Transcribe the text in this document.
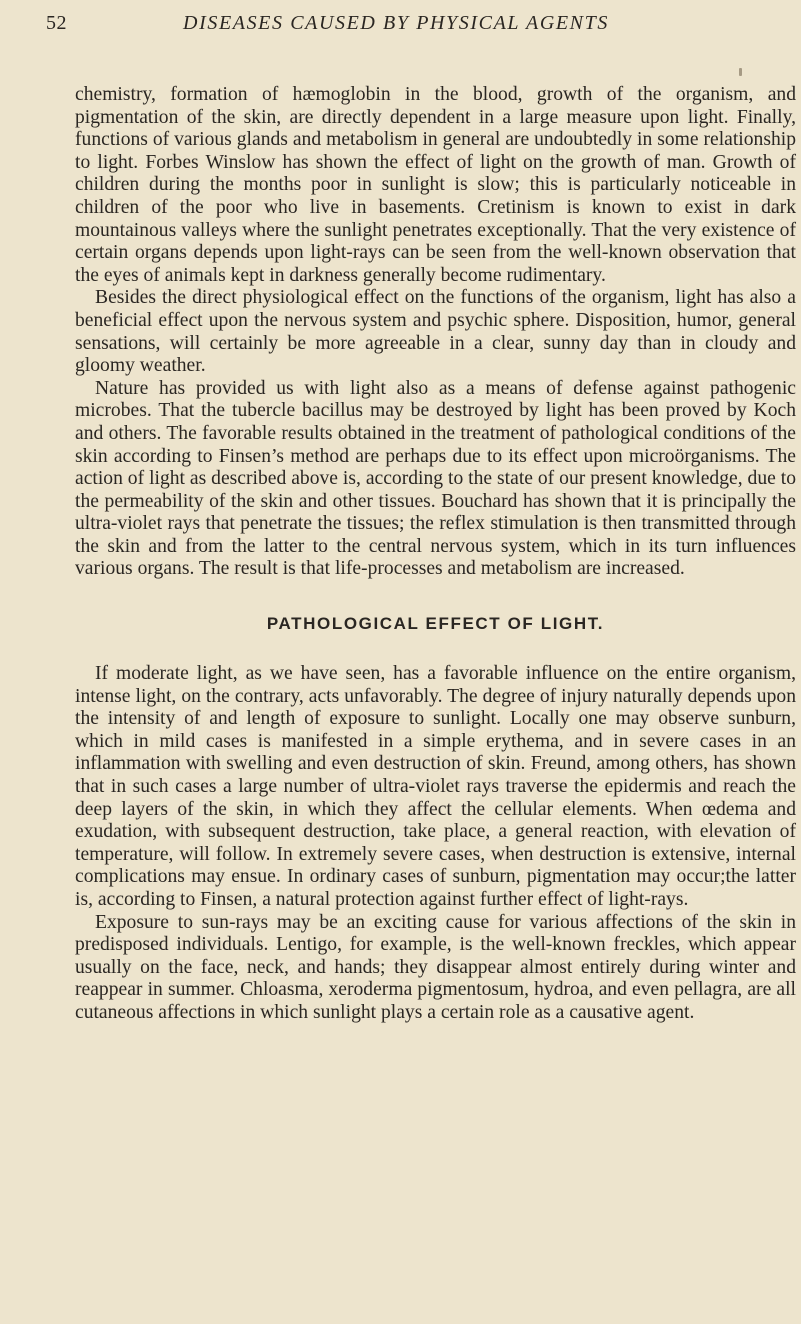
52	DISEASES CAUSED BY PHYSICAL AGENTS

chemistry, formation of hæmoglobin in the blood, growth of the organism, and pigmentation of the skin, are directly dependent in a large measure upon light. Finally, functions of various glands and metabolism in general are undoubtedly in some relationship to light. Forbes Winslow has shown the effect of light on the growth of man. Growth of children during the months poor in sunlight is slow; this is particularly noticeable in children of the poor who live in basements. Cretinism is known to exist in dark mountainous valleys where the sunlight penetrates exceptionally. That the very existence of certain organs depends upon light-rays can be seen from the well-known observation that the eyes of animals kept in darkness generally become rudimentary.

Besides the direct physiological effect on the functions of the organism, light has also a beneficial effect upon the nervous system and psychic sphere. Disposition, humor, general sensations, will certainly be more agreeable in a clear, sunny day than in cloudy and gloomy weather.

Nature has provided us with light also as a means of defense against pathogenic microbes. That the tubercle bacillus may be destroyed by light has been proved by Koch and others. The favorable results obtained in the treatment of pathological conditions of the skin according to Finsen’s method are perhaps due to its effect upon microörganisms. The action of light as described above is, according to the state of our present knowledge, due to the permeability of the skin and other tissues. Bouchard has shown that it is principally the ultra-violet rays that penetrate the tissues; the reflex stimulation is then transmitted through the skin and from the latter to the central nervous system, which in its turn influences various organs. The result is that life-processes and metabolism are increased.

PATHOLOGICAL EFFECT OF LIGHT.

If moderate light, as we have seen, has a favorable influence on the entire organism, intense light, on the contrary, acts unfavorably. The degree of injury naturally depends upon the intensity of and length of exposure to sunlight. Locally one may observe sunburn, which in mild cases is manifested in a simple erythema, and in severe cases in an inflammation with swelling and even destruction of skin. Freund, among others, has shown that in such cases a large number of ultra-violet rays traverse the epidermis and reach the deep layers of the skin, in which they affect the cellular elements. When œdema and exudation, with subsequent destruction, take place, a general reaction, with elevation of temperature, will follow. In extremely severe cases, when destruction is extensive, internal complications may ensue. In ordinary cases of sunburn, pigmentation may occur;the latter is, according to Finsen, a natural protection against further effect of light-rays.

Exposure to sun-rays may be an exciting cause for various affections of the skin in predisposed individuals. Lentigo, for example, is the well-known freckles, which appear usually on the face, neck, and hands; they disappear almost entirely during winter and reappear in summer. Chloasma, xeroderma pigmentosum, hydroa, and even pellagra, are all cutaneous affections in which sunlight plays a certain role as a causative agent.
